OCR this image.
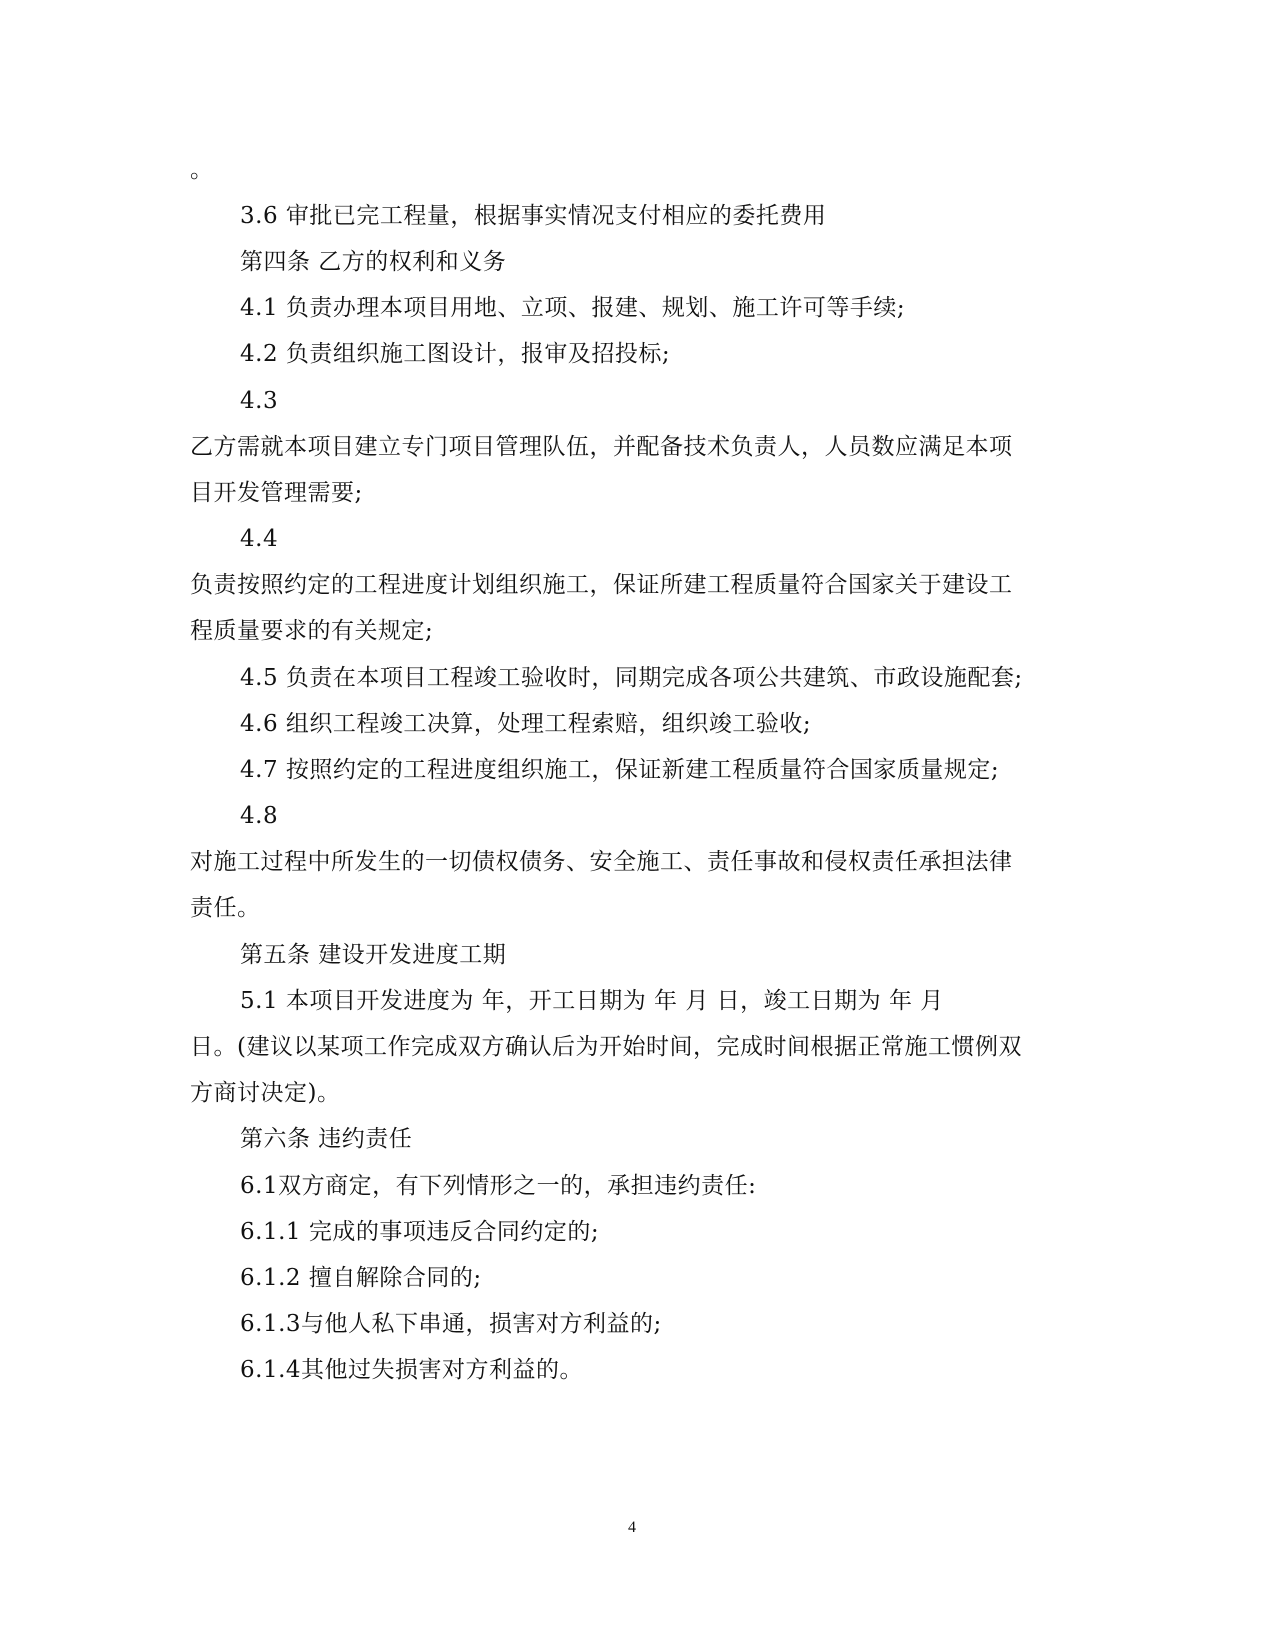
。
3.6 审批已完工程量，根据事实情况支付相应的委托费用
第四条 乙方的权利和义务
4.1 负责办理本项目用地、立项、报建、规划、施工许可等手续;
4.2 负责组织施工图设计，报审及招投标;
4.3
乙方需就本项目建立专门项目管理队伍，并配备技术负责人，人员数应满足本项
目开发管理需要;
4.4
负责按照约定的工程进度计划组织施工，保证所建工程质量符合国家关于建设工
程质量要求的有关规定;
4.5 负责在本项目工程竣工验收时，同期完成各项公共建筑、市政设施配套;
4.6 组织工程竣工决算，处理工程索赔，组织竣工验收;
4.7 按照约定的工程进度组织施工，保证新建工程质量符合国家质量规定;
4.8
对施工过程中所发生的一切债权债务、安全施工、责任事故和侵权责任承担法律
责任。
第五条 建设开发进度工期
5.1 本项目开发进度为 年，开工日期为 年 月 日，竣工日期为 年 月
日。(建议以某项工作完成双方确认后为开始时间，完成时间根据正常施工惯例双
方商讨决定)。
第六条 违约责任
6.1双方商定，有下列情形之一的，承担违约责任:
6.1.1 完成的事项违反合同约定的;
6.1.2 擅自解除合同的;
6.1.3与他人私下串通，损害对方利益的;
6.1.4其他过失损害对方利益的。
4
